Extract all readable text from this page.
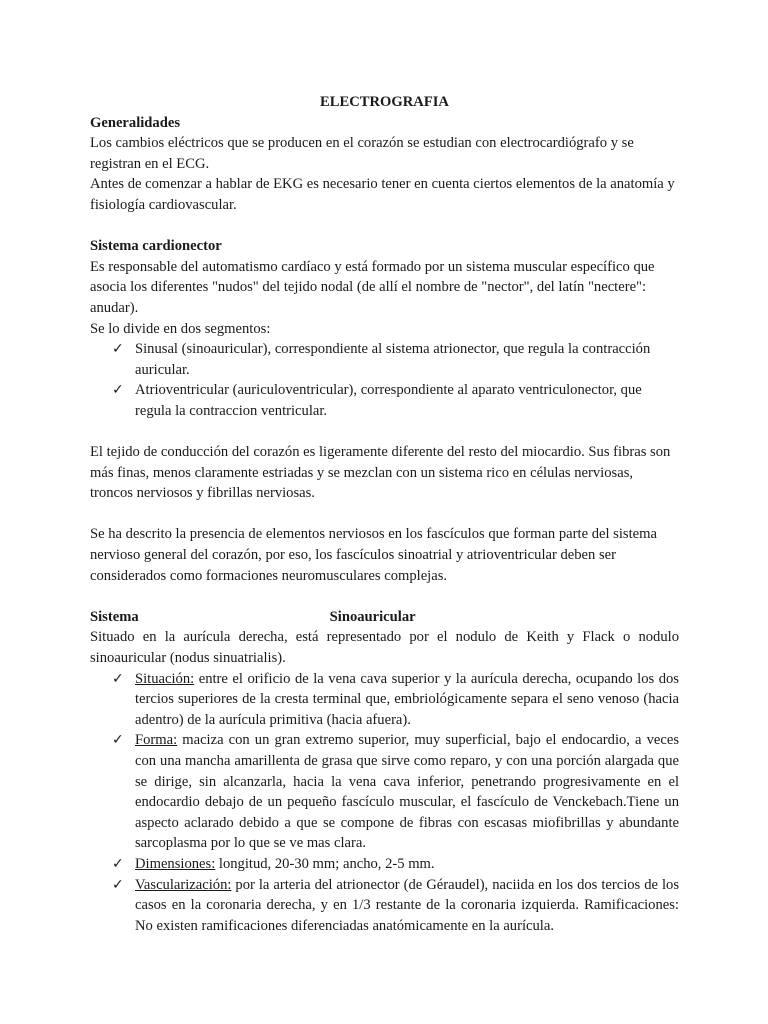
ELECTROGRAFIA

Generalidades

Los cambios eléctricos que se producen en el corazón se estudian con electrocardiógrafo y se registran en el ECG.

Antes de comenzar a hablar de EKG es necesario tener en cuenta ciertos elementos de la anatomía y fisiología cardiovascular.

Sistema cardionector

Es responsable del automatismo cardíaco y está formado por un sistema muscular específico que asocia los diferentes "nudos" del tejido nodal (de allí el nombre de "nector", del latín "nectere": anudar).

Se lo divide en dos segmentos:

✓ Sinusal (sinoauricular), correspondiente al sistema atrionector, que regula la contracción auricular.
✓ Atrioventricular (auriculoventricular), correspondiente al aparato ventriculonector, que regula la contraccion ventricular.

El tejido de conducción del corazón es ligeramente diferente del resto del miocardio. Sus fibras son más finas, menos claramente estriadas y se mezclan con un sistema rico en células nerviosas, troncos nerviosos y fibrillas nerviosas.

Se ha descrito la presencia de elementos nerviosos en los fascículos que forman parte del sistema nervioso general del corazón, por eso, los fascículos sinoatrial y atrioventricular deben ser considerados como formaciones neuromusculares complejas.

Sistema	Sinoauricular

Situado en la aurícula derecha, está representado por el nodulo de Keith y Flack o nodulo sinoauricular (nodus sinuatrialis).

✓ Situación: entre el orificio de la vena cava superior y la aurícula derecha, ocupando los dos tercios superiores de la cresta terminal que, embriológicamente separa el seno venoso (hacia adentro) de la aurícula primitiva (hacia afuera).
✓ Forma: maciza con un gran extremo superior, muy superficial, bajo el endocardio, a veces con una mancha amarillenta de grasa que sirve como reparo, y con una porción alargada que se dirige, sin alcanzarla, hacia la vena cava inferior, penetrando progresivamente en el endocardio debajo de un pequeño fascículo muscular, el fascículo de Venckebach.Tiene un aspecto aclarado debido a que se compone de fibras con escasas miofibrillas y abundante sarcoplasma por lo que se ve mas clara.
✓ Dimensiones: longitud, 20-30 mm; ancho, 2-5 mm.
✓ Vascularización: por la arteria del atrionector (de Géraudel), naciida en los dos tercios de los casos en la coronaria derecha, y en 1/3 restante de la coronaria izquierda. Ramificaciones: No existen ramificaciones diferenciadas anatómicamente en la aurícula.
